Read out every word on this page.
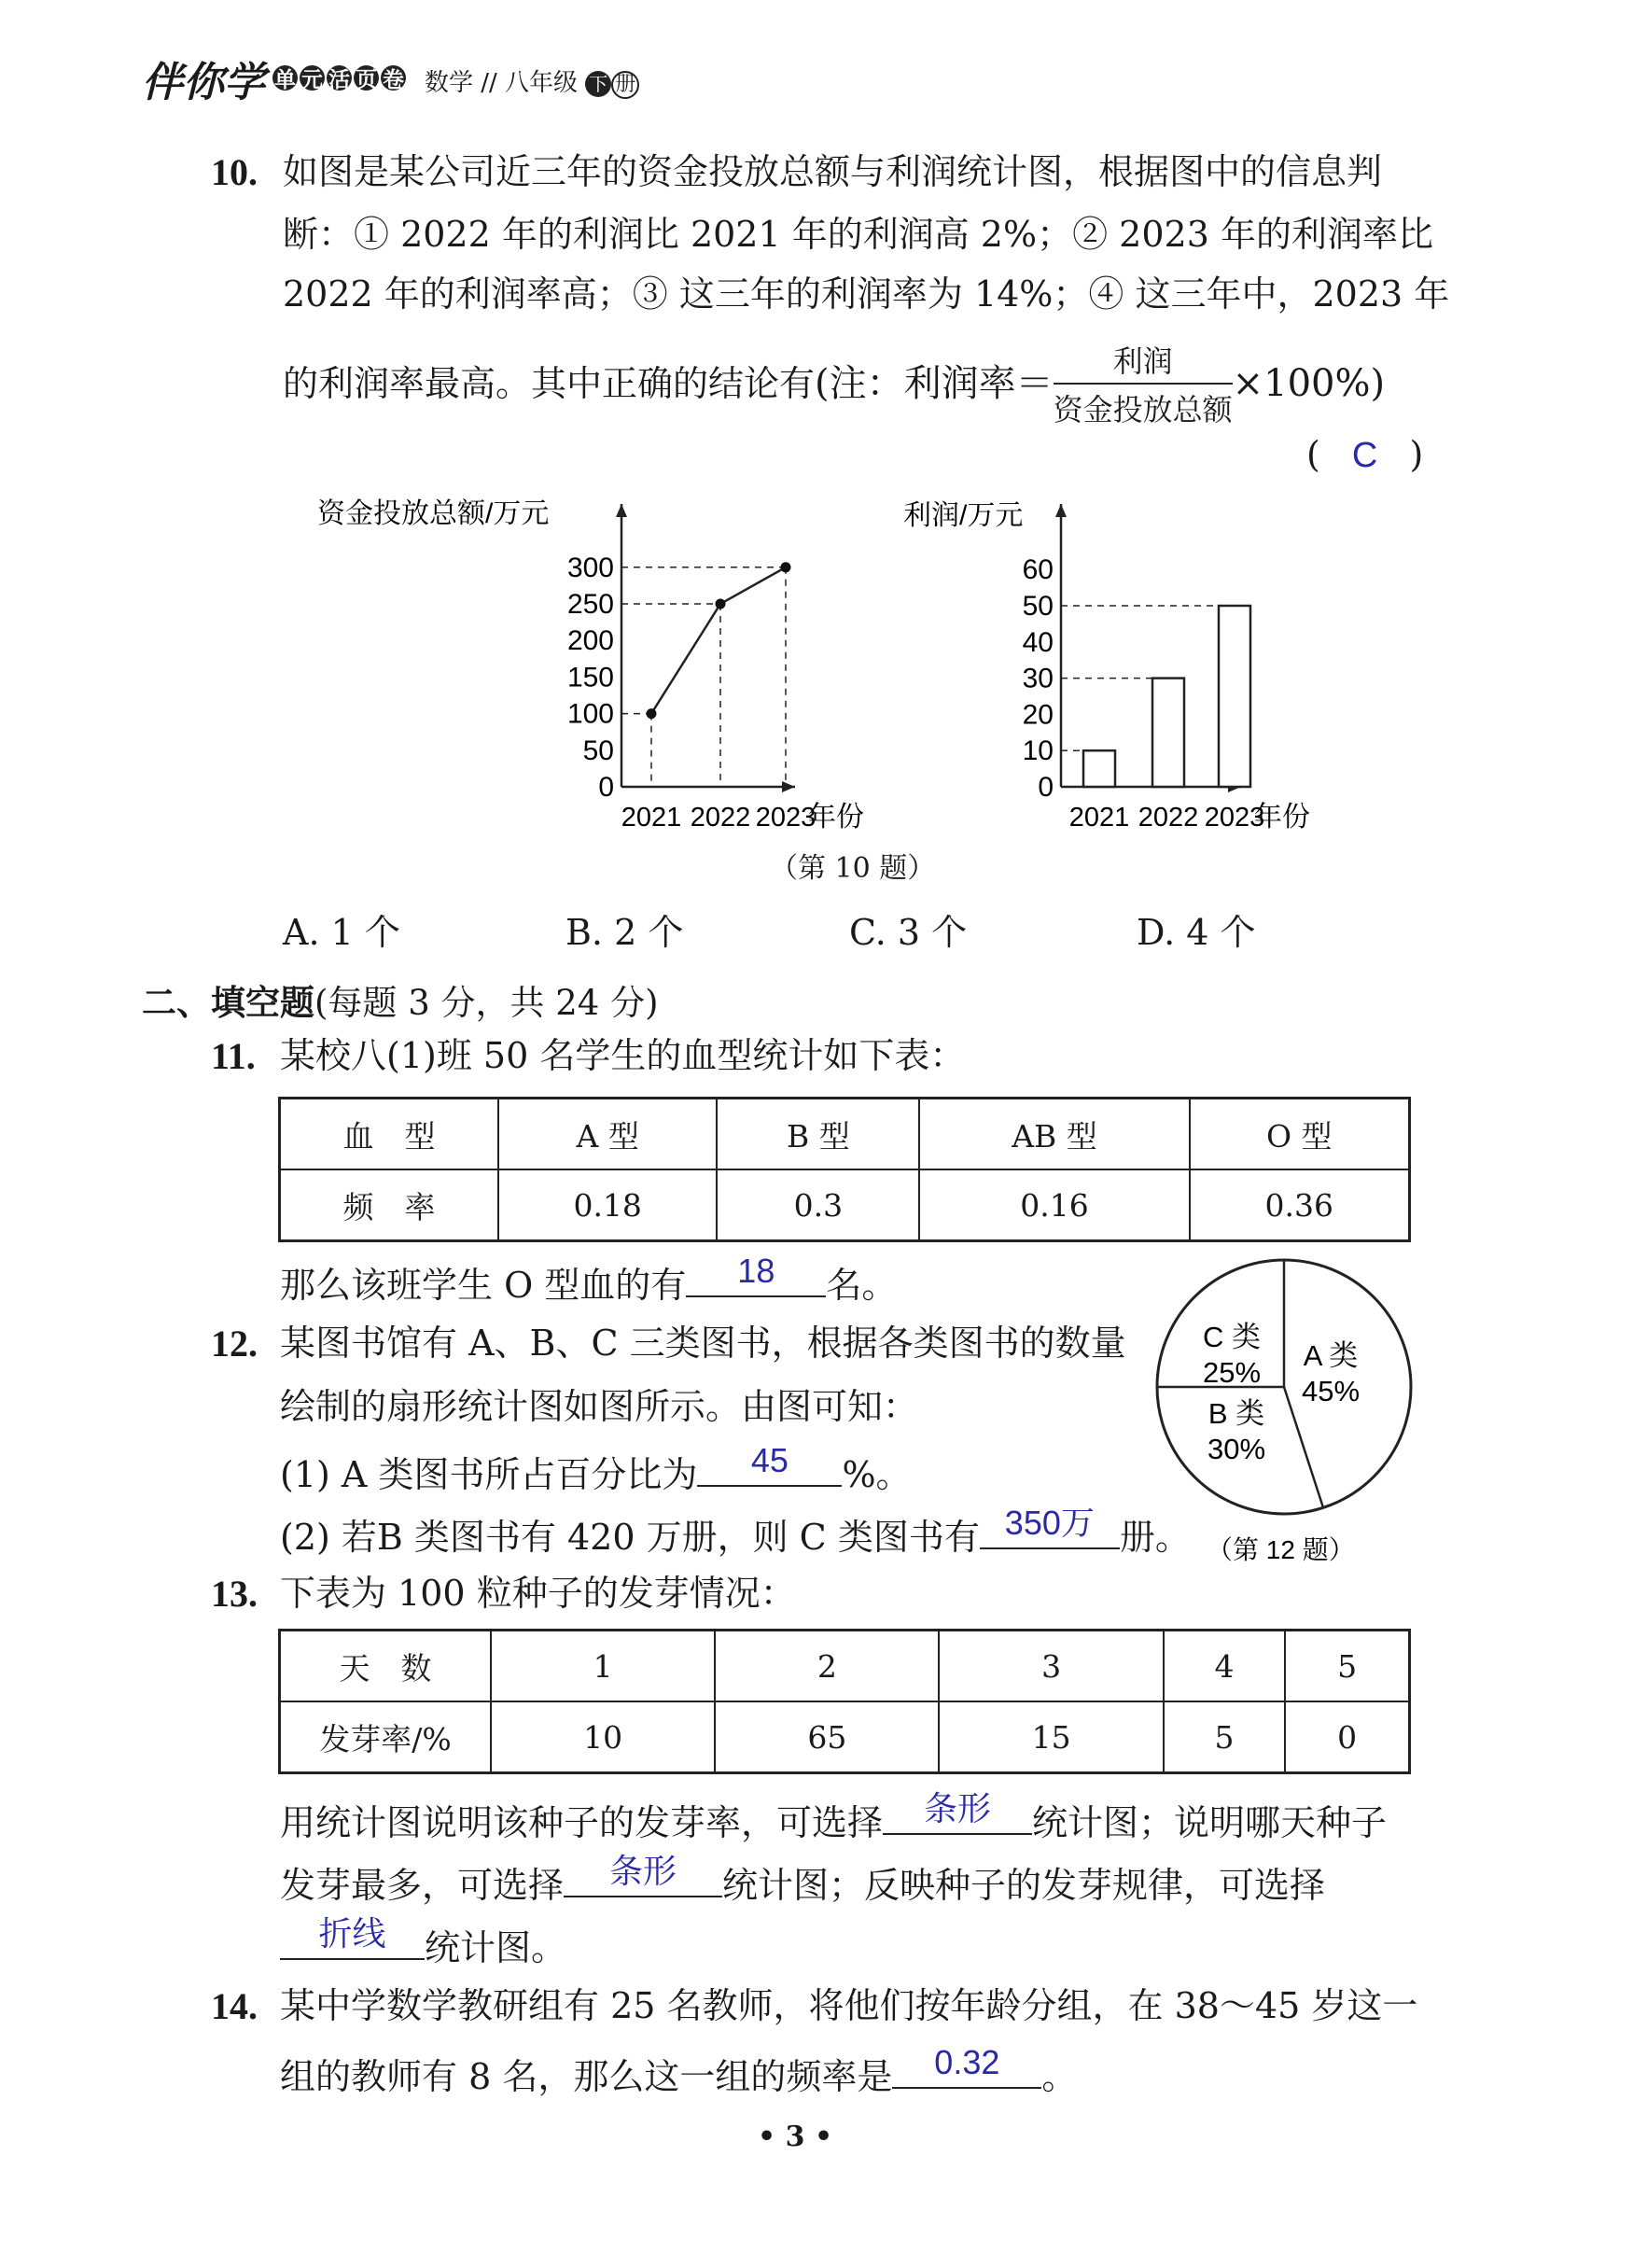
伴你学 单 元 活 页 卷 数学 // 八年级 下 册
10. 如图是某公司近三年的资金投放总额与利润统计图，根据图中的信息判
断：① 2022 年的利润比 2021 年的利润高 2%；② 2023 年的利润率比
2022 年的利润率高；③ 这三年的利润率为 14%；④ 这三年中，2023 年
的利润率最高。其中正确的结论有 (注：利润率＝ $\frac{\text{利润}}{\text{资金投放总额}} \times 100\%$)
( C )
资金投放总额/万元
0
50
100
150
200
250
300
2021 2022 2023
年份
利润/万元
0
10
20
30
40
50
60
2021 2022 2023
年份
（第 10 题）
A. 1 个	B. 2 个	C. 3 个	D. 4 个
二、填空题(每题 3 分，共 24 分)
11. 某校八(1)班 50 名学生的血型统计如下表：
血　型	A 型	B 型	AB 型	O 型
频　率	0.18	0.3	0.16	0.36
那么该班学生 O 型血的有	18	名。
12. 某图书馆有 A、B、C 三类图书，根据各类图书的数量
绘制的扇形统计图如图所示。由图可知：
(1) A 类图书所占百分比为	45	%。
(2) 若B 类图书有 420 万册，则 C 类图书有 350万 册。
A 类
45%
B 类
30%
C 类
25%
（第 12 题）
13. 下表为 100 粒种子的发芽情况：
天　数	1	2	3	4	5
发芽率/%	10	65	15	5	0
用统计图说明该种子的发芽率，可选择	条形	统计图；说明哪天种子
发芽最多，可选择	条形	统计图；反映种子的发芽规律，可选择
折线	统计图。
14. 某中学数学教研组有 25 名教师，将他们按年龄分组，在 38～45 岁这一
组的教师有 8 名，那么这一组的频率是	0.32	。
• 3 •
